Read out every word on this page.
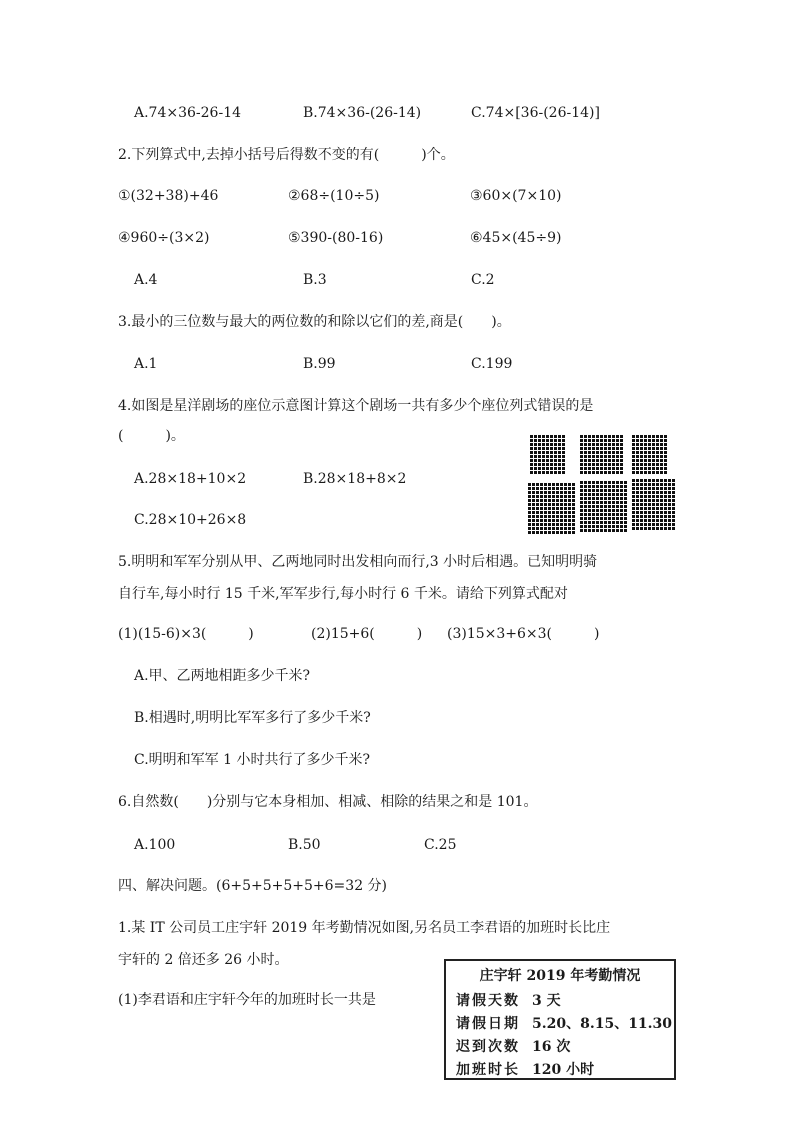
A.74×36-26-14	B.74×36-(26-14)	C.74×[36-(26-14)]
2.下列算式中,去掉小括号后得数不变的有(　　　)个。
①(32+38)+46	②68÷(10÷5)	③60×(7×10)
④960÷(3×2)	⑤390-(80-16)	⑥45×(45÷9)
A.4	B.3	C.2
3.最小的三位数与最大的两位数的和除以它们的差,商是(　　)。
A.1	B.99	C.199
4.如图是星洋剧场的座位示意图计算这个剧场一共有多少个座位列式错误的是
(　　　)。
A.28×18+10×2	B.28×18+8×2
C.28×10+26×8
5.明明和军军分别从甲、乙两地同时出发相向而行,3 小时后相遇。已知明明骑
自行车,每小时行 15 千米,军军步行,每小时行 6 千米。请给下列算式配对
(1)(15-6)×3(　　　)	(2)15+6(　　　) (3)15×3+6×3(　　　)
A.甲、乙两地相距多少千米?
B.相遇时,明明比军军多行了多少千米?
C.明明和军军 1 小时共行了多少千米?
6.自然数(　　)分别与它本身相加、相减、相除的结果之和是 101。
A.100	B.50	C.25
四、解决问题。(6+5+5+5+5+6=32 分)
1.某 IT 公司员工庄宇轩 2019 年考勤情况如图,另名员工李君语的加班时长比庄
宇轩的 2 倍还多 26 小时。
(1)李君语和庄宇轩今年的加班时长一共是
庄宇轩 2019 年考勤情况
请假天数 3 天
请假日期 5.20、8.15、11.30
迟到次数 16 次
加班时长 120 小时
